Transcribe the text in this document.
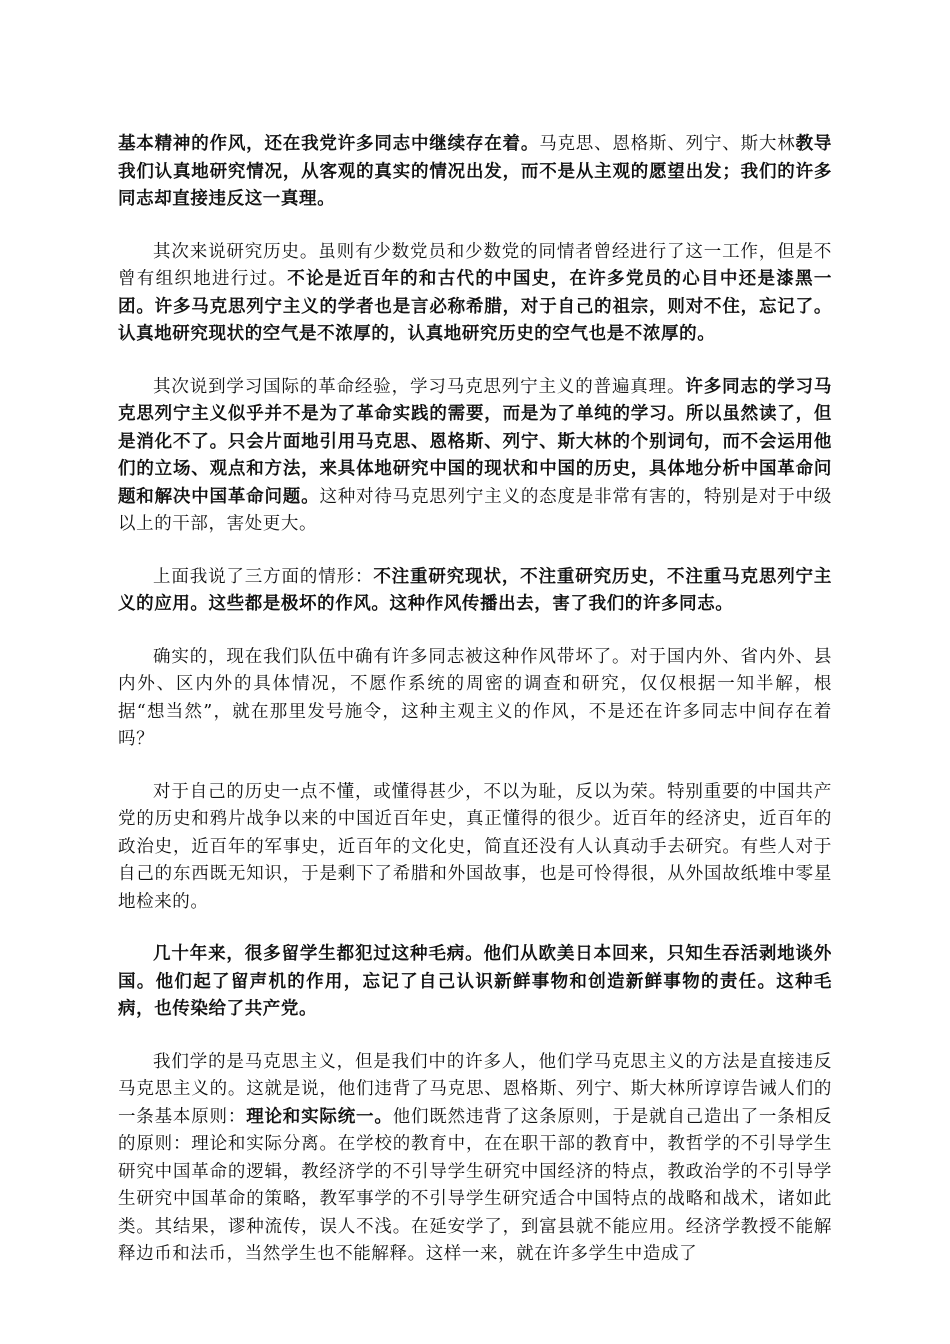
基本精神的作风，还在我党许多同志中继续存在着。马克思、恩格斯、列宁、斯大林教导我们认真地研究情况，从客观的真实的情况出发，而不是从主观的愿望出发；我们的许多同志却直接违反这一真理。

其次来说研究历史。虽则有少数党员和少数党的同情者曾经进行了这一工作，但是不曾有组织地进行过。不论是近百年的和古代的中国史，在许多党员的心目中还是漆黑一团。许多马克思列宁主义的学者也是言必称希腊，对于自己的祖宗，则对不住，忘记了。认真地研究现状的空气是不浓厚的，认真地研究历史的空气也是不浓厚的。

其次说到学习国际的革命经验，学习马克思列宁主义的普遍真理。许多同志的学习马克思列宁主义似乎并不是为了革命实践的需要，而是为了单纯的学习。所以虽然读了，但是消化不了。只会片面地引用马克思、恩格斯、列宁、斯大林的个别词句，而不会运用他们的立场、观点和方法，来具体地研究中国的现状和中国的历史，具体地分析中国革命问题和解决中国革命问题。这种对待马克思列宁主义的态度是非常有害的，特别是对于中级以上的干部，害处更大。

上面我说了三方面的情形：不注重研究现状，不注重研究历史，不注重马克思列宁主义的应用。这些都是极坏的作风。这种作风传播出去，害了我们的许多同志。

确实的，现在我们队伍中确有许多同志被这种作风带坏了。对于国内外、省内外、县内外、区内外的具体情况，不愿作系统的周密的调查和研究，仅仅根据一知半解，根据“想当然”，就在那里发号施令，这种主观主义的作风，不是还在许多同志中间存在着吗？

对于自己的历史一点不懂，或懂得甚少，不以为耻，反以为荣。特别重要的中国共产党的历史和鸦片战争以来的中国近百年史，真正懂得的很少。近百年的经济史，近百年的政治史，近百年的军事史，近百年的文化史，简直还没有人认真动手去研究。有些人对于自己的东西既无知识，于是剩下了希腊和外国故事，也是可怜得很，从外国故纸堆中零星地检来的。

几十年来，很多留学生都犯过这种毛病。他们从欧美日本回来，只知生吞活剥地谈外国。他们起了留声机的作用，忘记了自己认识新鲜事物和创造新鲜事物的责任。这种毛病，也传染给了共产党。

我们学的是马克思主义，但是我们中的许多人，他们学马克思主义的方法是直接违反马克思主义的。这就是说，他们违背了马克思、恩格斯、列宁、斯大林所谆谆告诫人们的一条基本原则：理论和实际统一。他们既然违背了这条原则，于是就自己造出了一条相反的原则：理论和实际分离。在学校的教育中，在在职干部的教育中，教哲学的不引导学生研究中国革命的逻辑，教经济学的不引导学生研究中国经济的特点，教政治学的不引导学生研究中国革命的策略，教军事学的不引导学生研究适合中国特点的战略和战术，诸如此类。其结果，谬种流传，误人不浅。在延安学了，到富县就不能应用。经济学教授不能解释边币和法币，当然学生也不能解释。这样一来，就在许多学生中造成了
